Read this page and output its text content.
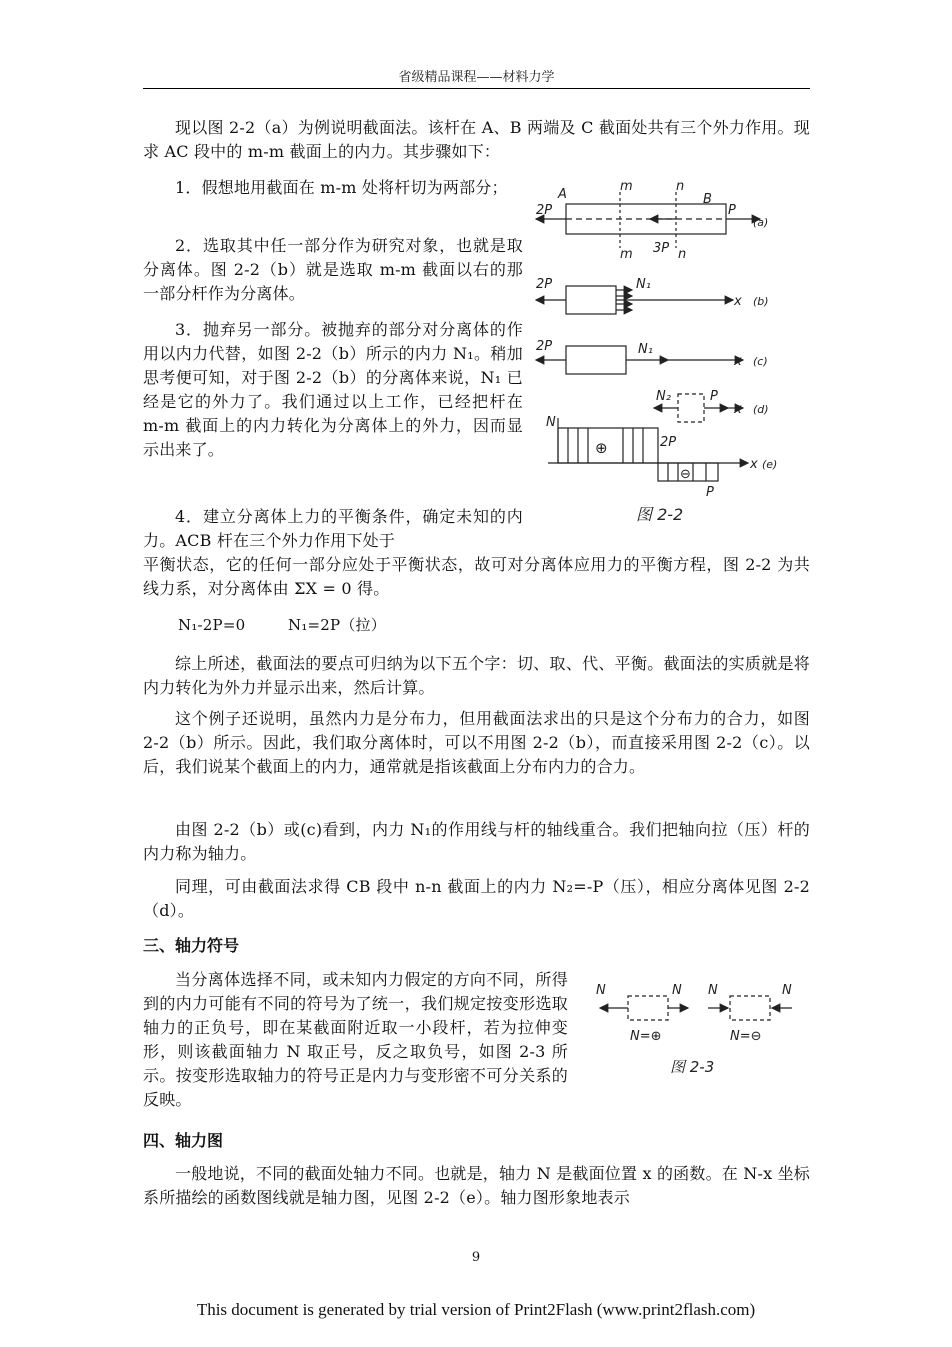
省级精品课程——材料力学

现以图 2-2（a）为例说明截面法。该杆在 A、B 两端及 C 截面处共有三个外力作用。现求 AC 段中的 m-m 截面上的内力。其步骤如下：

1．假想地用截面在 m-m 处将杆切为两部分；

2．选取其中任一部分作为研究对象，也就是取分离体。图 2-2（b）就是选取 m-m 截面以右的那一部分杆作为分离体。

3．抛弃另一部分。被抛弃的部分对分离体的作用以内力代替，如图 2-2（b）所示的内力 N₁。稍加思考便可知，对于图 2-2（b）的分离体来说，N₁ 已经是它的外力了。我们通过以上工作，已经把杆在 m-m 截面上的内力转化为分离体上的外力，因而显示出来了。

4．建立分离体上力的平衡条件，确定未知的内力。ACB 杆在三个外力作用下处于

平衡状态，它的任何一部分应处于平衡状态，故可对分离体应用力的平衡方程，图 2-2 为共线力系，对分离体由 ΣX = 0 得。

N₁-2P=0	N₁=2P（拉）

综上所述，截面法的要点可归纳为以下五个字：切、取、代、平衡。截面法的实质就是将内力转化为外力并显示出来，然后计算。

这个例子还说明，虽然内力是分布力，但用截面法求出的只是这个分布力的合力，如图 2-2（b）所示。因此，我们取分离体时，可以不用图 2-2（b），而直接采用图 2-2（c）。以后，我们说某个截面上的内力，通常就是指该截面上分布内力的合力。

由图 2-2（b）或(c)看到，内力 N₁的作用线与杆的轴线重合。我们把轴向拉（压）杆的内力称为轴力。

同理，可由截面法求得 CB 段中 n-n 截面上的内力 N₂=-P（压），相应分离体见图 2-2（d）。

三、轴力符号

当分离体选择不同，或未知内力假定的方向不同，所得到的内力可能有不同的符号为了统一，我们规定按变形选取轴力的正负号，即在某截面附近取一小段杆，若为拉伸变形，则该截面轴力 N 取正号，反之取负号，如图 2-3 所示。按变形选取轴力的符号正是内力与变形密不可分关系的反映。

四、轴力图

一般地说，不同的截面处轴力不同。也就是，轴力 N 是截面位置 x 的函数。在 N-x 坐标系所描绘的函数图线就是轴力图，见图 2-2（e）。轴力图形象地表示

A
m	n
B
2P	P
(a)
m 3P n
2P	N₁
x (b)
2P	N₁
x (c)
N₂	P
x (d)
N
⊕	2P
⊖
P
x (e)
图 2-2
N	N N	N
N=⊕	N=⊖
图 2-3
9
This document is generated by trial version of Print2Flash (www.print2flash.com)
